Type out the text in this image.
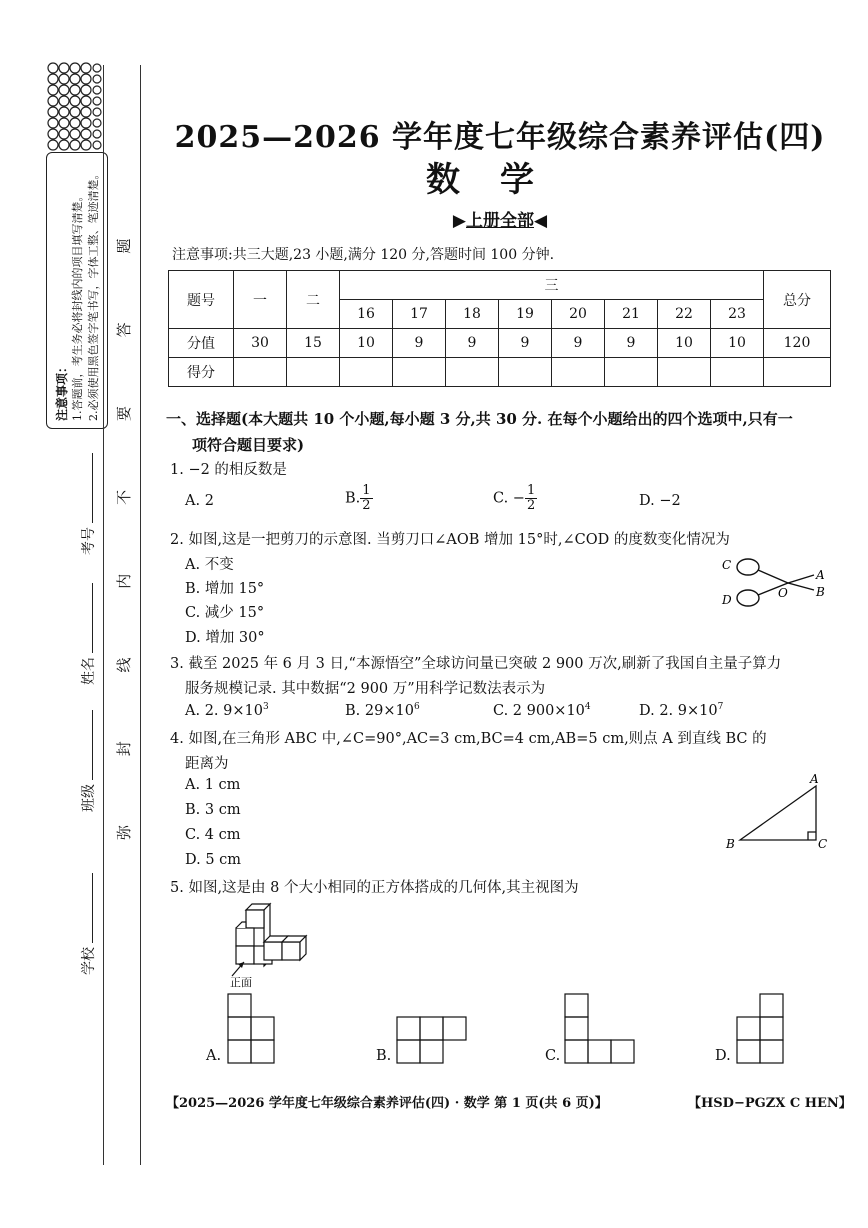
注意事项： 1.答题前，考生务必将封线内的项目填写清楚。 2.必须使用黑色签字笔书写，字体工整、笔迹清楚。
学校
班级
姓名
考号 弥 封 线 内 不 要 答 题
2025—2026 学年度七年级综合素养评估(四)
数学
▶上册全部◀
注意事项:共三大题,23 小题,满分 120 分,答题时间 100 分钟.
题号	一	二	三								总分
			16	17	18	19	20	21	22	23	
分值	30	15	10	9	9	9	9	9	10	10	120
得分											
一、选择题(本大题共 10 个小题,每小题 3 分,共 30 分. 在每个小题给出的四个选项中,只有一
项符合题目要求)
1. −2 的相反数是
A. 2	B. $\frac{1}{2}$	C. − $\frac{1}{2}$	D. −2
2. 如图,这是一把剪刀的示意图. 当剪刀口∠AOB 增加 15°时,∠COD 的度数变化情况为
A. 不变
B. 增加 15°
C. 减少 15°
D. 增加 30°
C
D
A
B
O
3. 截至 2025 年 6 月 3 日,“本源悟空”全球访问量已突破 2 900 万次,刷新了我国自主量子算力
服务规模记录. 其中数据“2 900 万”用科学记数法表示为
A. 2. $9\times 10^3$	B. $29\times 10^6$	C. 2 $900\times 10^4$	D. 2. $9\times 10^7$
4. 如图,在三角形 ABC 中,∠C=90°,AC=3 cm,BC=4 cm,AB=5 cm,则点 A 到直线 BC 的
距离为
A. 1 cm
B. 3 cm
C. 4 cm
D. 5 cm
A
B	C
5. 如图,这是由 8 个大小相同的正方体搭成的几何体,其主视图为
正面
A.	B.	C.	D.
【2025—2026 学年度七年级综合素养评估(四) · 数学 第 1 页(共 6 页)】	【HSD−PGZX C HEN】
